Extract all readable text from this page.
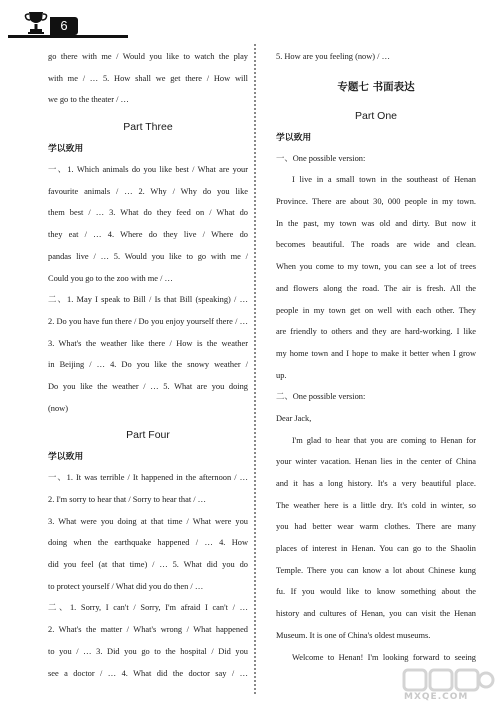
6
go there with me / Would you like to watch the play
with me / … 5. How shall we get there / How will
we go to the theater / …
Part Three
学以致用
一、1. Which animals do you like best / What are your
favourite animals / … 2. Why / Why do you like
them best / … 3. What do they feed on / What do
they eat / … 4. Where do they live / Where do
pandas live / … 5. Would you like to go with me /
Could you go to the zoo with me / …
二、1. May I speak to Bill / Is that Bill (speaking) / …
2. Do you have fun there / Do you enjoy yourself there / …
3. What's the weather like there / How is the weather
in Beijing / … 4. Do you like the snowy weather /
Do you like the weather / … 5. What are you doing
(now)
Part Four
学以致用
一、1. It was terrible / It happened in the afternoon / …
2. I'm sorry to hear that / Sorry to hear that / …
3. What were you doing at that time / What were you
doing when the earthquake happened / … 4. How
did you feel (at that time) / … 5. What did you do
to protect yourself / What did you do then / …
二、1. Sorry, I can't / Sorry, I'm afraid I can't / …
2. What's the matter / What's wrong / What happened
to you / … 3. Did you go to the hospital / Did you
see a doctor / … 4. What did the doctor say / …
5. How are you feeling (now) / …
专题七 书面表达
Part One
学以致用
一、One possible version:
I live in a small town in the southeast of Henan
Province. There are about 30, 000 people in my town.
In the past, my town was old and dirty. But now it
becomes beautiful. The roads are wide and clean.
When you come to my town, you can see a lot of trees
and flowers along the road. The air is fresh. All the
people in my town get on well with each other. They
are friendly to others and they are hard-working. I like
my home town and I hope to make it better when I grow
up.
二、One possible version:
Dear Jack,
I'm glad to hear that you are coming to Henan for
your winter vacation. Henan lies in the center of China
and it has a long history. It's a very beautiful place.
The weather here is a little dry. It's cold in winter, so
you had better wear warm clothes. There are many
places of interest in Henan. You can go to the Shaolin
Temple. There you can know a lot about Chinese kung
fu. If you would like to know something about the
history and cultures of Henan, you can visit the Henan
Museum. It is one of China's oldest museums.
Welcome to Henan! I'm looking forward to seeing
MXQE.COM
